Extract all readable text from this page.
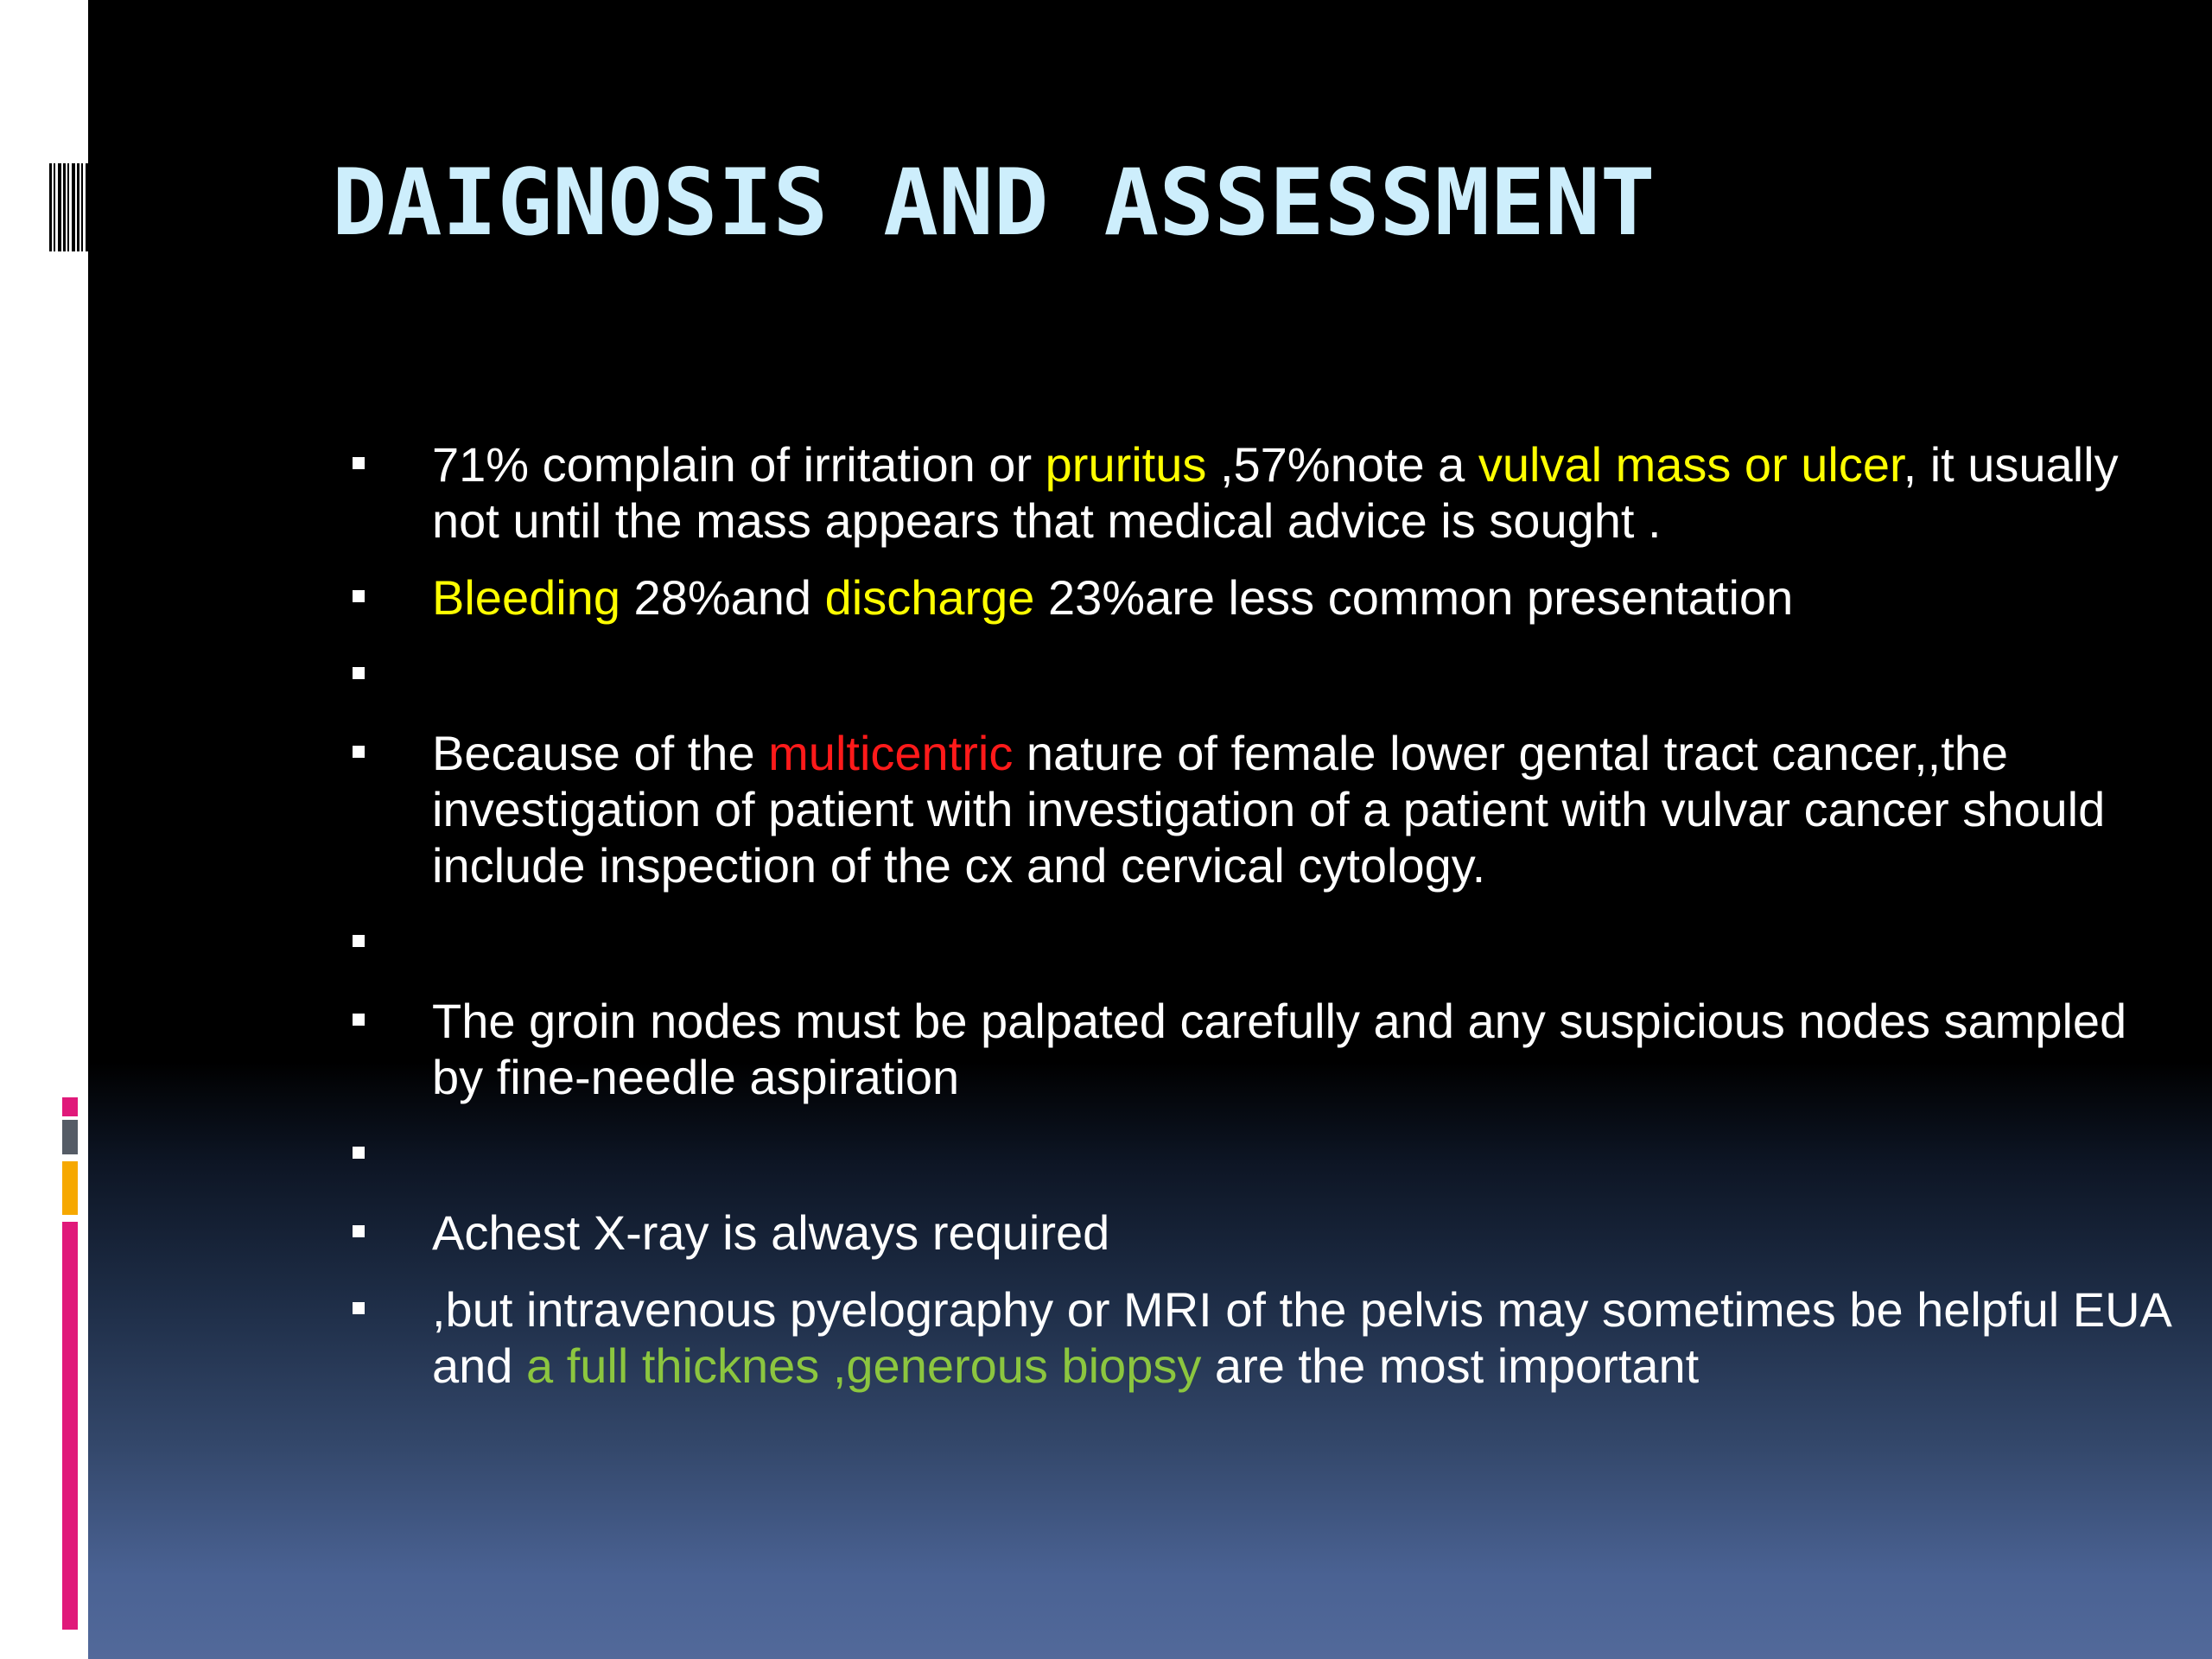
DAIGNOSIS AND ASSESSMENT
71% complain of irritation or pruritus ,57%note a vulval mass or ulcer, it usually not until the mass appears that medical advice is sought .
Bleeding 28%and discharge 23%are less common presentation
Because of the multicentric nature of female lower gental tract cancer,,the investigation of patient with investigation of a patient with vulvar cancer should include inspection of the cx and cervical cytology.
The groin nodes must be palpated carefully and any suspicious nodes sampled by fine-needle aspiration
Achest X-ray is always required
,but intravenous pyelography or MRI of the pelvis may sometimes be helpful EUA and a full thicknes ,generous biopsy are the most important
